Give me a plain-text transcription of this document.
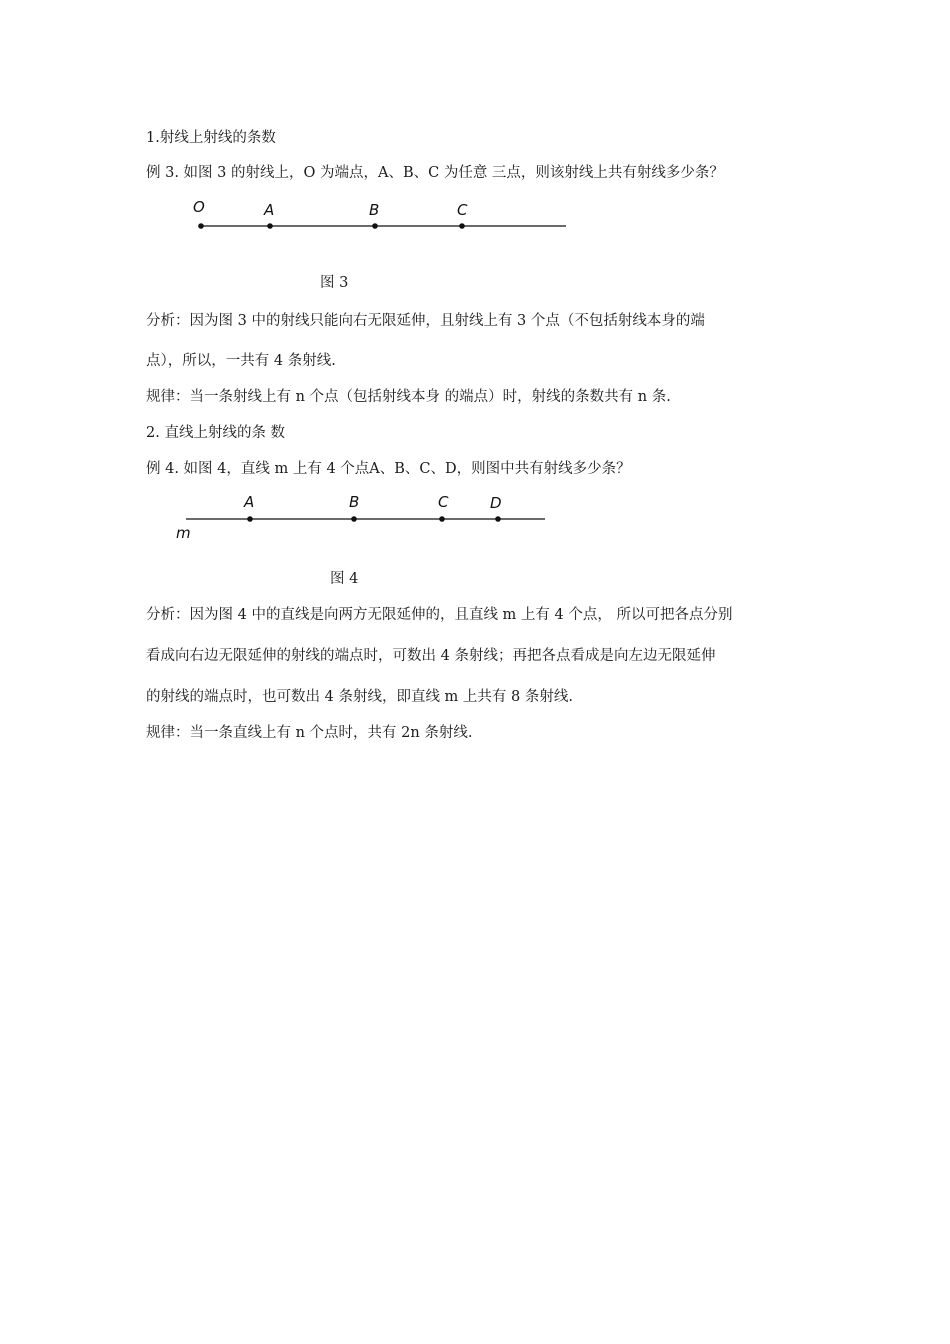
1.射线上射线的条数
例 3. 如图 3 的射线上，O 为端点，A、B、C 为任意 三点，则该射线上共有射线多少条？
O	A	B	C
图 3
分析：因为图 3 中的射线只能向右无限延伸，且射线上有 3 个点（不包括射线本身的端
点），所以，一共有 4 条射线.
规律：当一条射线上有 n 个点（包括射线本身 的端点）时，射线的条数共有 n 条.
2. 直线上射线的条 数
例 4. 如图 4，直线 m 上有 4 个点A、B、C、D，则图中共有射线多少条？
m
A	B	C	D
图 4
分析：因为图 4 中的直线是向两方无限延伸的，且直线 m 上有 4 个点， 所以可把各点分别
看成向右边无限延伸的射线的端点时，可数出 4 条射线；再把各点看成是向左边无限延伸
的射线的端点时，也可数出 4 条射线，即直线 m 上共有 8 条射线.
规律：当一条直线上有 n 个点时，共有 2n 条射线.
